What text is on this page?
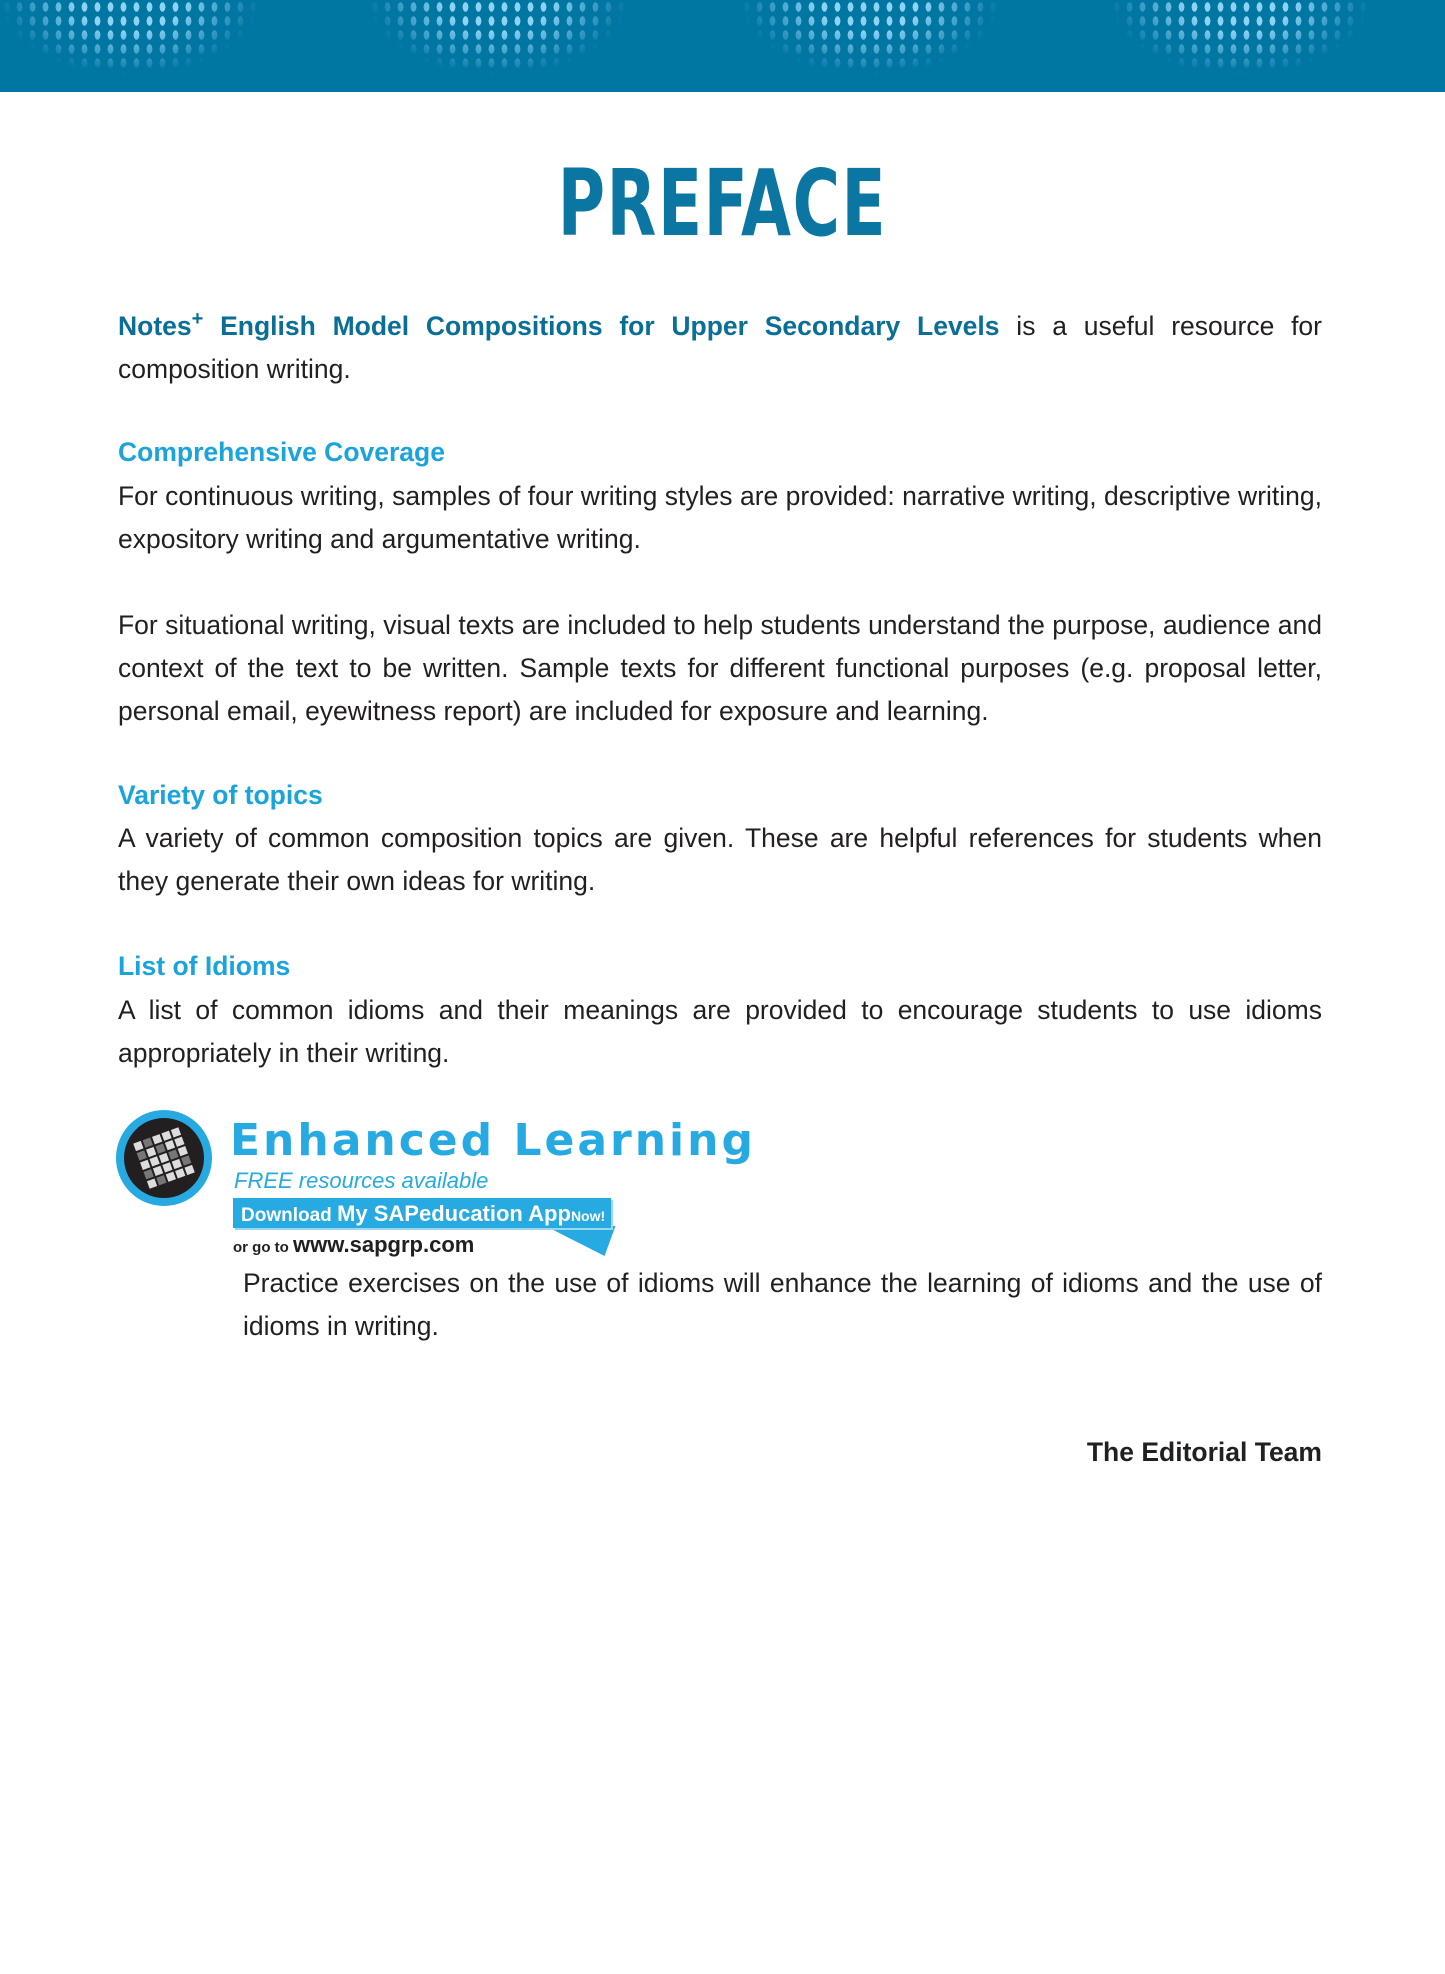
PREFACE
Notes+ English Model Compositions for Upper Secondary Levels is a useful resource for composition writing.
Comprehensive Coverage
For continuous writing, samples of four writing styles are provided: narrative writing, descriptive writing, expository writing and argumentative writing.
For situational writing, visual texts are included to help students understand the purpose, audience and context of the text to be written. Sample texts for different functional purposes (e.g. proposal letter, personal email, eyewitness report) are included for exposure and learning.
Variety of topics
A variety of common composition topics are given. These are helpful references for students when they generate their own ideas for writing.
List of Idioms
A list of common idioms and their meanings are provided to encourage students to use idioms appropriately in their writing.
Enhanced Learning
FREE resources available
Download My SAPeducation AppNow!
or go to www.sapgrp.com
Practice exercises on the use of idioms will enhance the learning of idioms and the use of idioms in writing.
The Editorial Team
